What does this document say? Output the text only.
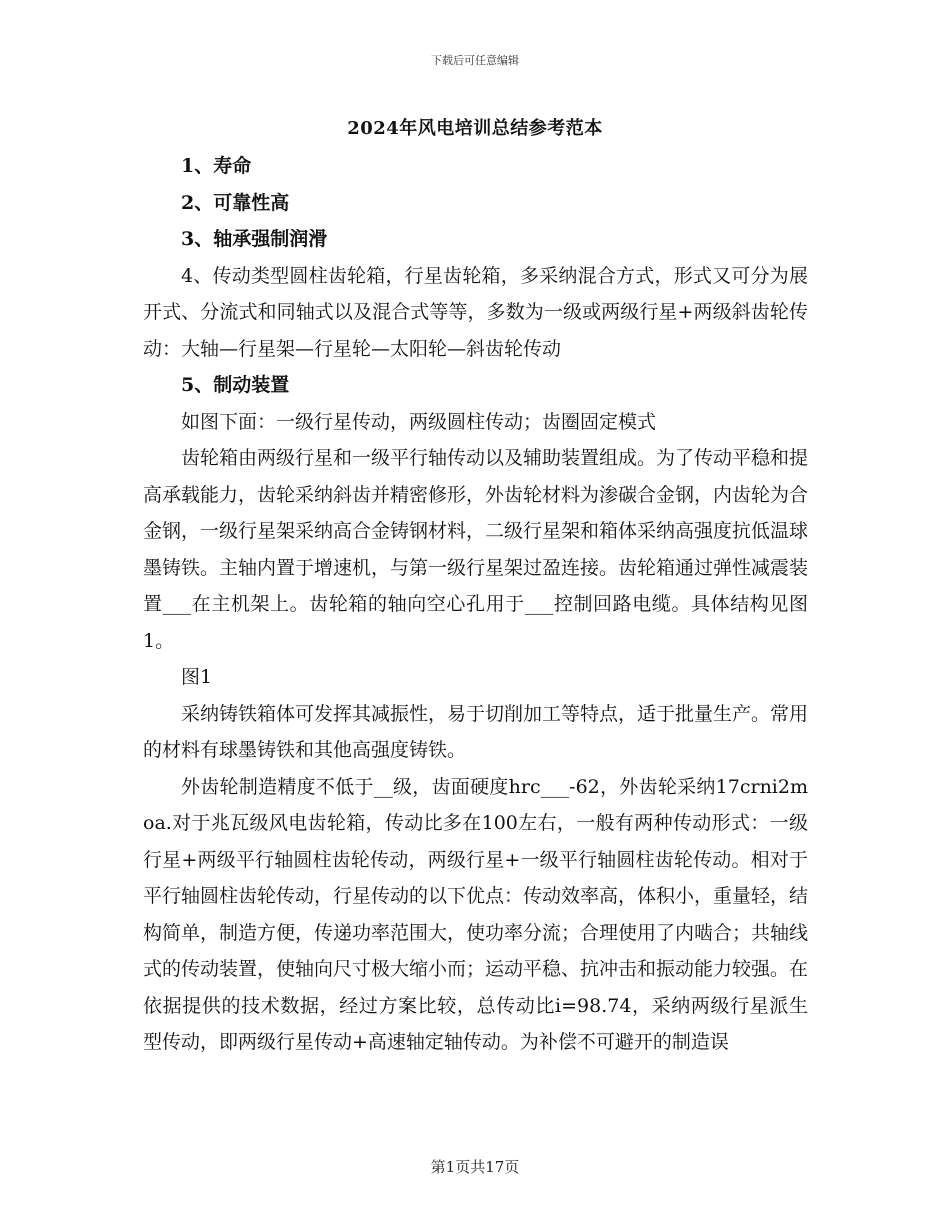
下载后可任意编辑
2024年风电培训总结参考范本

1、寿命

2、可靠性高

3、轴承强制润滑

4、传动类型圆柱齿轮箱，行星齿轮箱，多采纳混合方式，形式又可分为展开式、分流式和同轴式以及混合式等等，多数为一级或两级行星+两级斜齿轮传动：大轴—行星架—行星轮—太阳轮—斜齿轮传动

5、制动装置

如图下面：一级行星传动，两级圆柱传动；齿圈固定模式

齿轮箱由两级行星和一级平行轴传动以及辅助装置组成。为了传动平稳和提高承载能力，齿轮采纳斜齿并精密修形，外齿轮材料为渗碳合金钢，内齿轮为合金钢，一级行星架采纳高合金铸钢材料，二级行星架和箱体采纳高强度抗低温球墨铸铁。主轴内置于增速机，与第一级行星架过盈连接。齿轮箱通过弹性减震装置___在主机架上。齿轮箱的轴向空心孔用于___控制回路电缆。具体结构见图1。

图1

采纳铸铁箱体可发挥其减振性，易于切削加工等特点，适于批量生产。常用的材料有球墨铸铁和其他高强度铸铁。

外齿轮制造精度不低于__级，齿面硬度hrc___-62，外齿轮采纳17crni2moa.对于兆瓦级风电齿轮箱，传动比多在100左右，一般有两种传动形式：一级行星+两级平行轴圆柱齿轮传动，两级行星+一级平行轴圆柱齿轮传动。相对于平行轴圆柱齿轮传动，行星传动的以下优点：传动效率高，体积小，重量轻，结构简单，制造方便，传递功率范围大，使功率分流；合理使用了内啮合；共轴线式的传动装置，使轴向尺寸极大缩小而；运动平稳、抗冲击和振动能力较强。在依据提供的技术数据，经过方案比较，总传动比i=98.74，采纳两级行星派生型传动，即两级行星传动+高速轴定轴传动。为补偿不可避开的制造误

第1页共17页
